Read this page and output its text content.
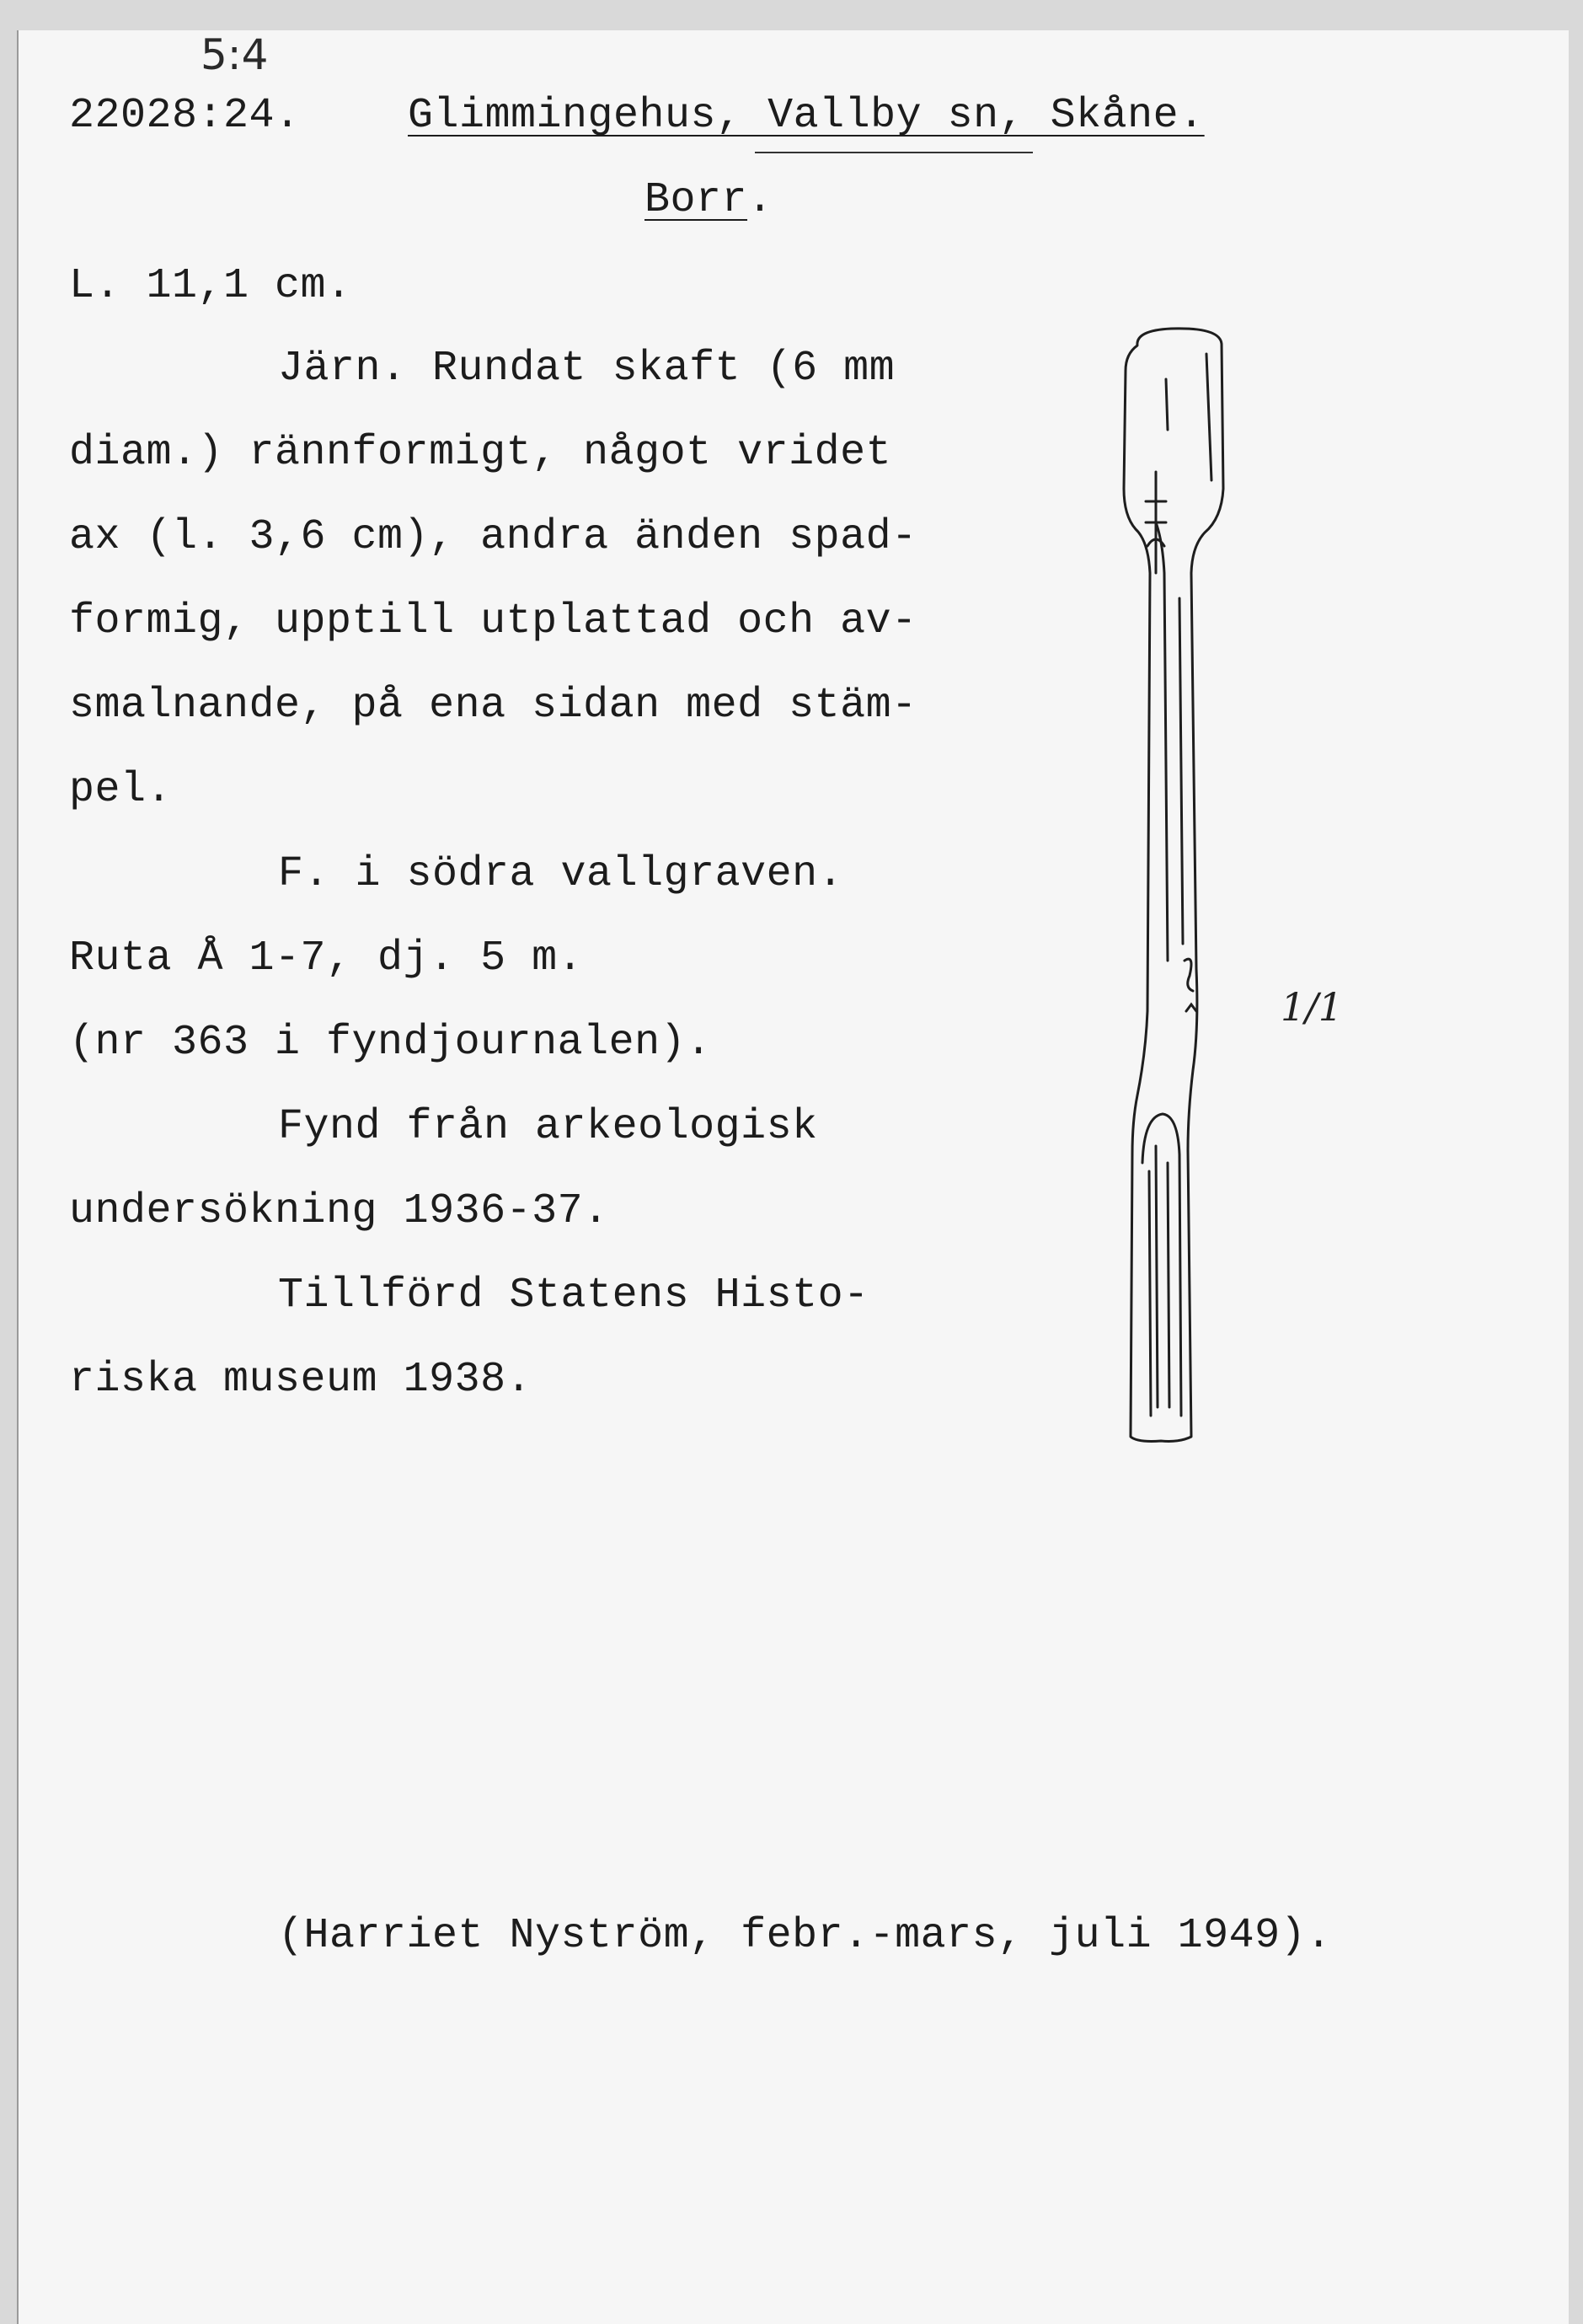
5:4
22028:24.	Glimmingehus, Vallby sn, Skåne.
Borr.
L. 11,1 cm.
Järn. Rundat skaft (6 mm
diam.) rännformigt, något vridet
ax (l. 3,6 cm), andra änden spad-
formig, upptill utplattad och av-
smalnande, på ena sidan med stäm-
pel.
F. i södra vallgraven.
Ruta Å 1-7, dj. 5 m.
(nr 363 i fyndjournalen).
Fynd från arkeologisk
undersökning 1936-37.
Tillförd Statens Histo-
riska museum 1938.
1/1
(Harriet Nyström, febr.-mars, juli 1949).
